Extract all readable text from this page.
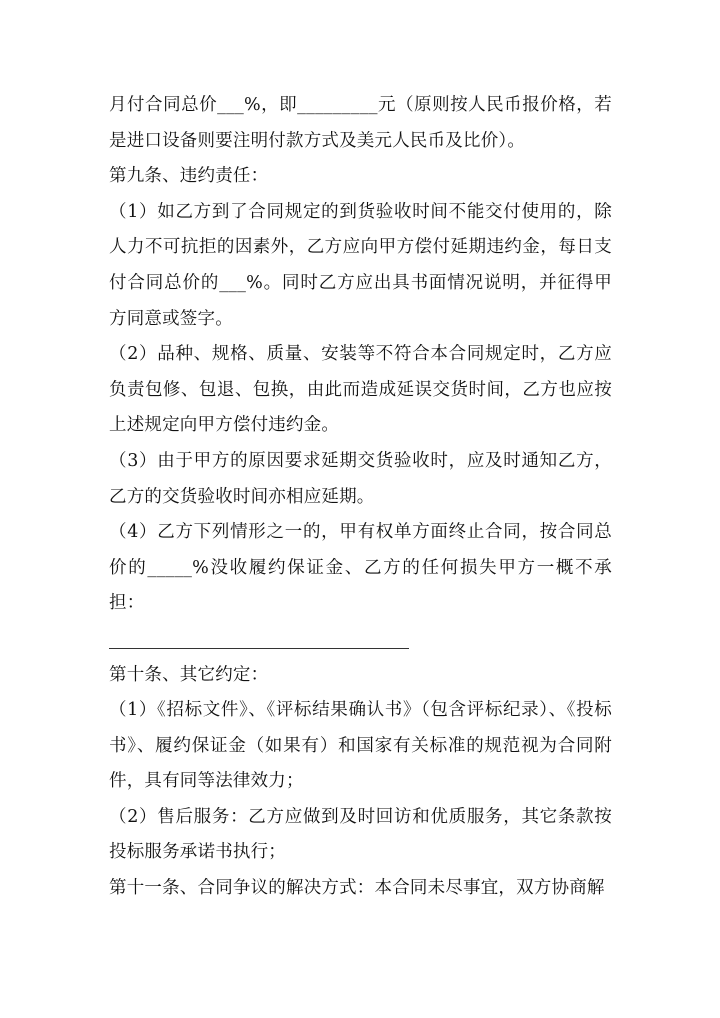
月付合同总价___%，即_________元（原则按人民币报价格，若是进口设备则要注明付款方式及美元人民币及比价）。

第九条、违约责任：

（1）如乙方到了合同规定的到货验收时间不能交付使用的，除人力不可抗拒的因素外，乙方应向甲方偿付延期违约金，每日支付合同总价的___%。同时乙方应出具书面情况说明，并征得甲方同意或签字。

（2）品种、规格、质量、安装等不符合本合同规定时，乙方应负责包修、包退、包换，由此而造成延误交货时间，乙方也应按上述规定向甲方偿付违约金。

（3）由于甲方的原因要求延期交货验收时，应及时通知乙方，乙方的交货验收时间亦相应延期。

（4）乙方下列情形之一的，甲有权单方面终止合同，按合同总价的_____%没收履约保证金、乙方的任何损失甲方一概不承担：

第十条、其它约定：

（1）《招标文件》、《评标结果确认书》（包含评标纪录）、《投标书》、履约保证金（如果有）和国家有关标准的规范视为合同附件，具有同等法律效力；

（2）售后服务：乙方应做到及时回访和优质服务，其它条款按投标服务承诺书执行；

第十一条、合同争议的解决方式：本合同未尽事宜，双方协商解
